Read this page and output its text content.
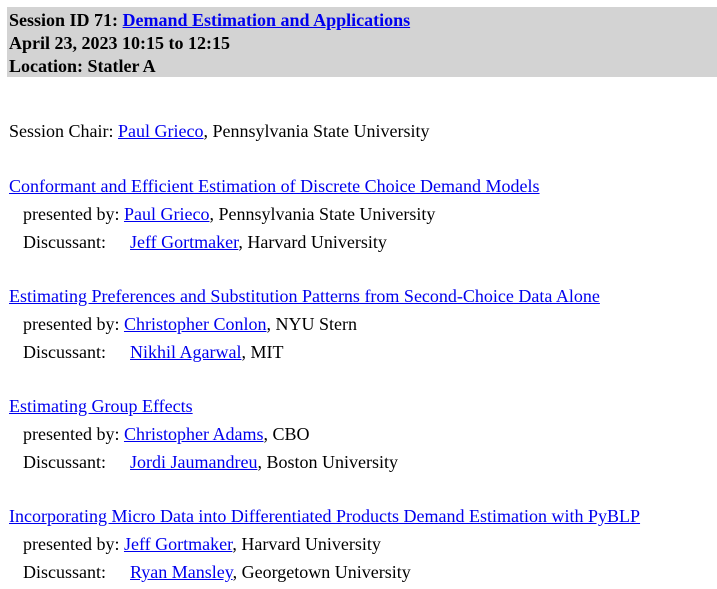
Session ID 71: Demand Estimation and Applications
April 23, 2023 10:15 to 12:15
Location: Statler A
Session Chair: Paul Grieco, Pennsylvania State University
Conformant and Efficient Estimation of Discrete Choice Demand Models
presented by: Paul Grieco, Pennsylvania State University
Discussant: Jeff Gortmaker, Harvard University
Estimating Preferences and Substitution Patterns from Second-Choice Data Alone
presented by: Christopher Conlon, NYU Stern
Discussant: Nikhil Agarwal, MIT
Estimating Group Effects
presented by: Christopher Adams, CBO
Discussant: Jordi Jaumandreu, Boston University
Incorporating Micro Data into Differentiated Products Demand Estimation with PyBLP
presented by: Jeff Gortmaker, Harvard University
Discussant: Ryan Mansley, Georgetown University
